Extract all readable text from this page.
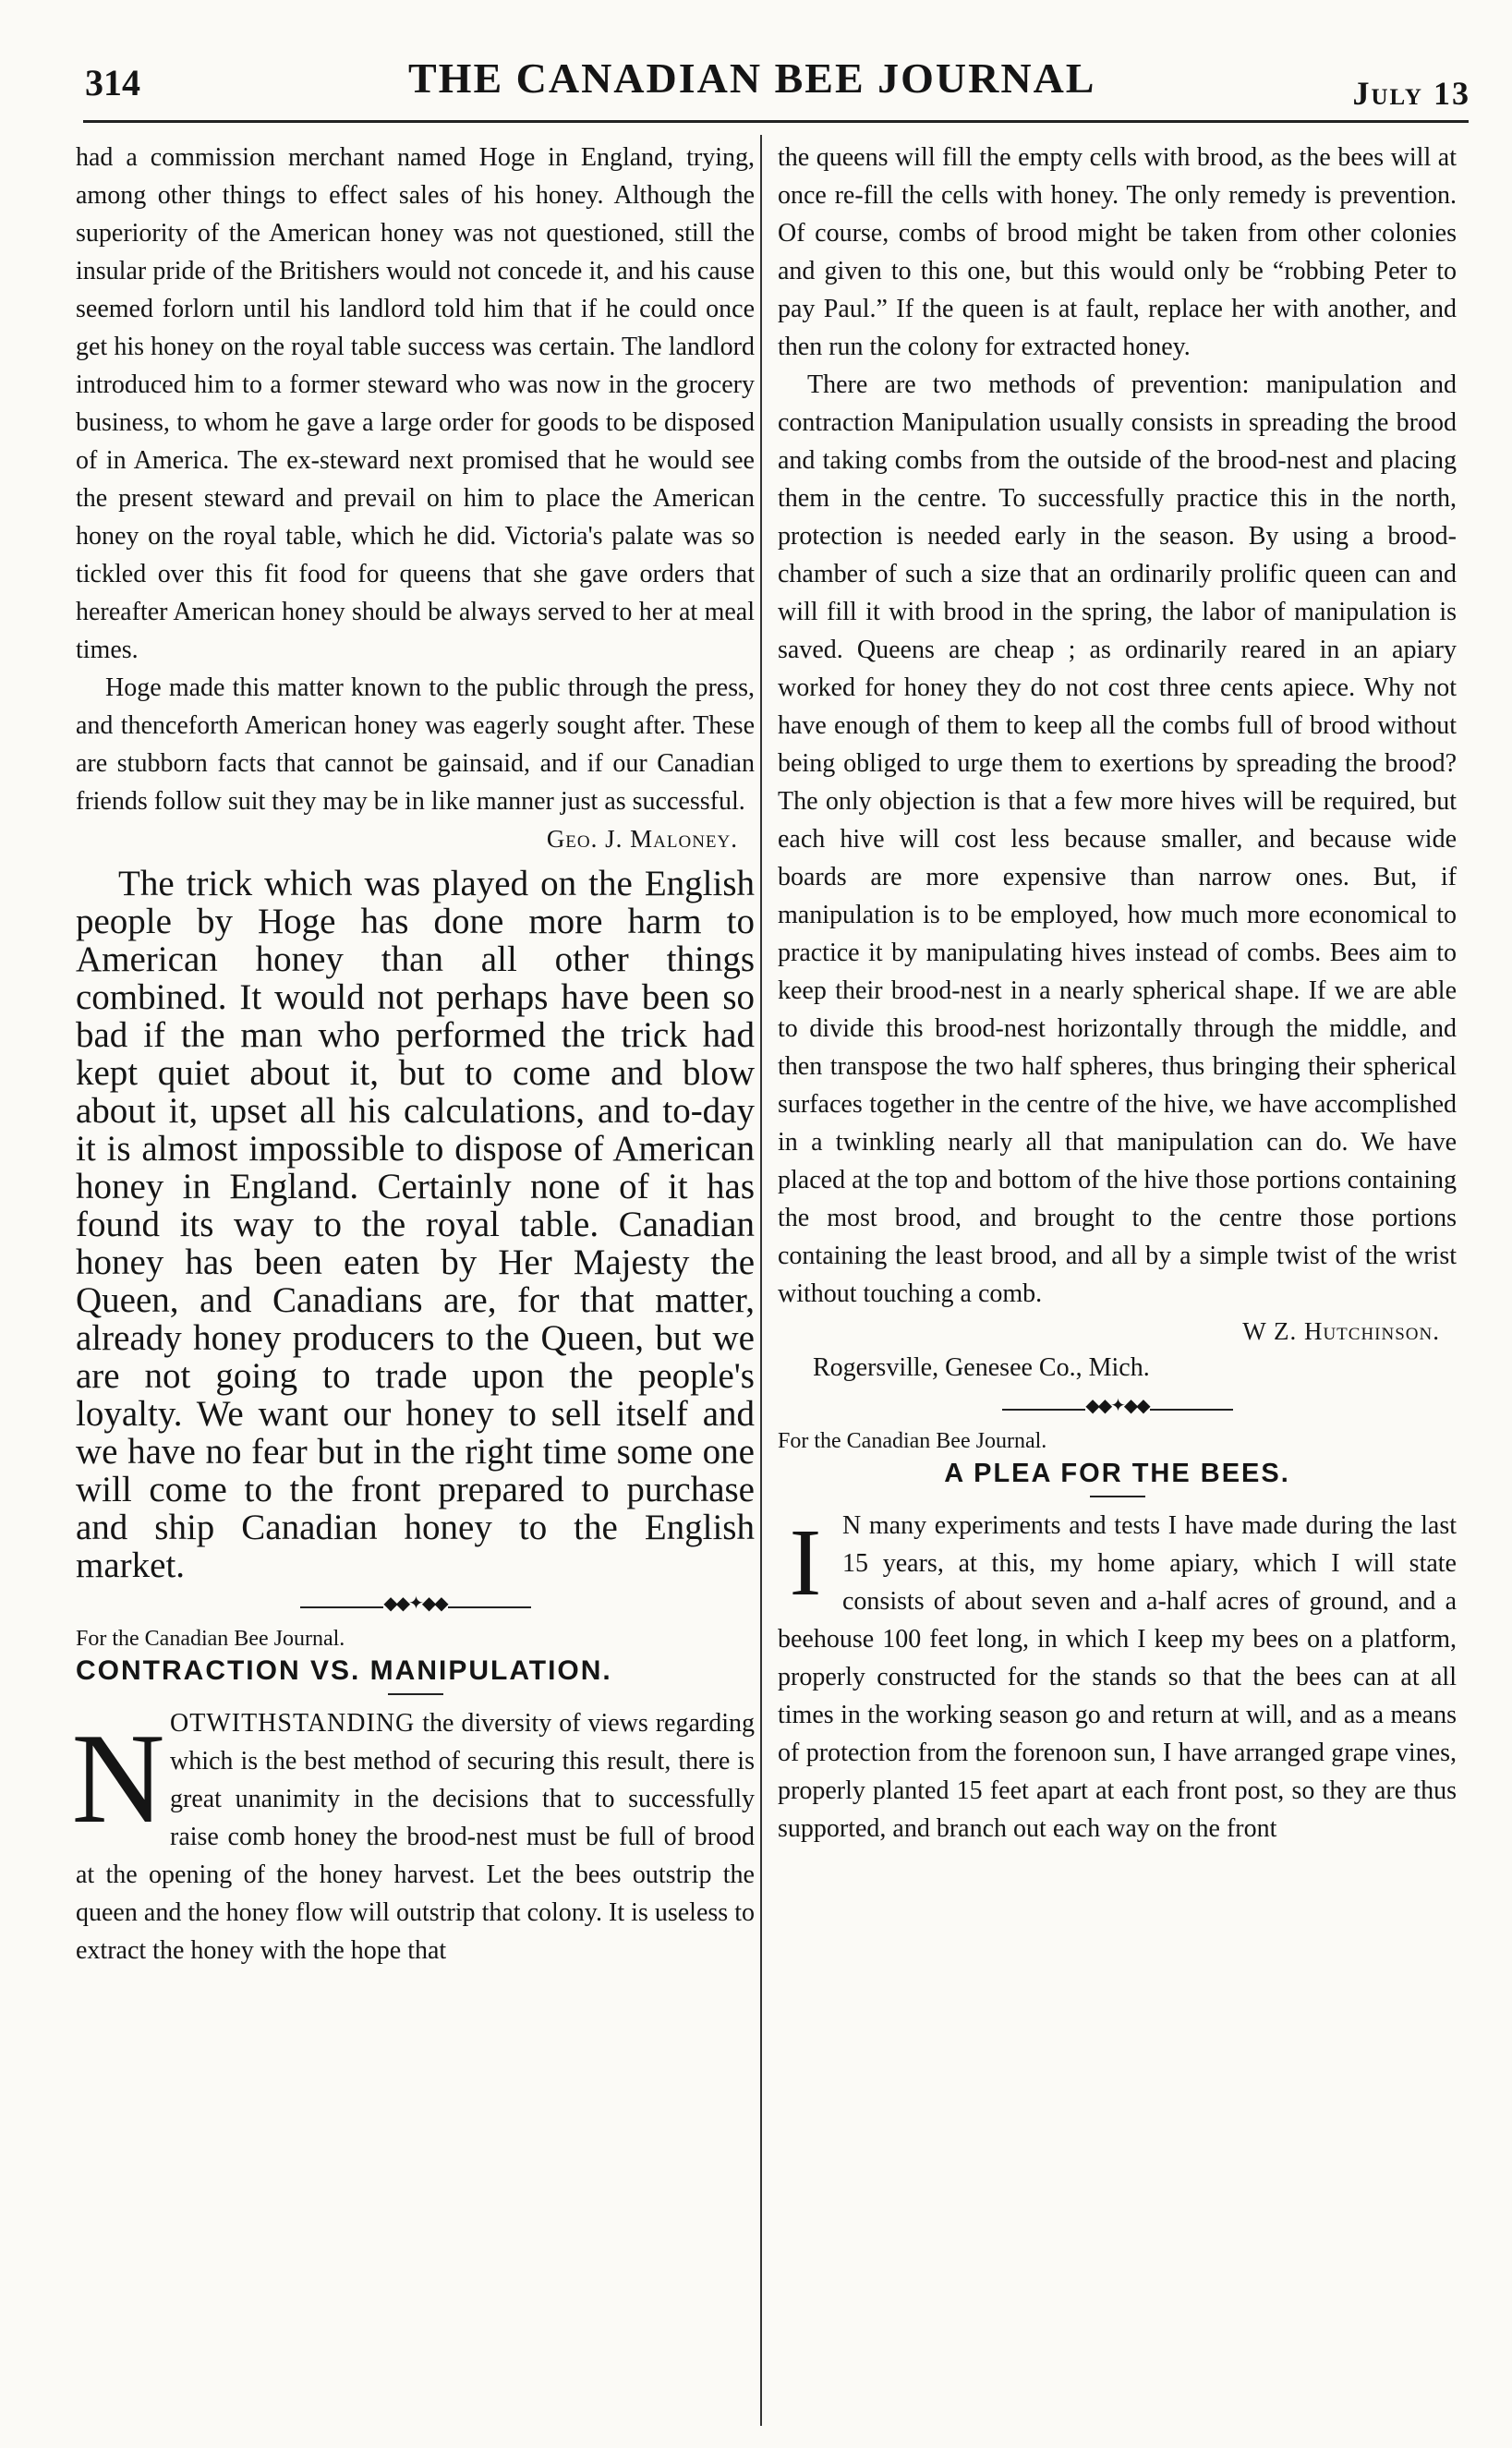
314	THE CANADIAN BEE JOURNAL	July 13

had a commission merchant named Hoge in England, trying, among other things to effect sales of his honey. Although the superiority of the American honey was not questioned, still the insular pride of the Britishers would not concede it, and his cause seemed forlorn until his landlord told him that if he could once get his honey on the royal table success was certain. The landlord introduced him to a former steward who was now in the grocery business, to whom he gave a large order for goods to be disposed of in America. The ex-steward next promised that he would see the present steward and prevail on him to place the American honey on the royal table, which he did. Victoria's palate was so tickled over this fit food for queens that she gave orders that hereafter American honey should be always served to her at meal times.

Hoge made this matter known to the public through the press, and thenceforth American honey was eagerly sought after. These are stubborn facts that cannot be gainsaid, and if our Canadian friends follow suit they may be in like manner just as successful.

Geo. J. Maloney.

The trick which was played on the English people by Hoge has done more harm to American honey than all other things combined. It would not perhaps have been so bad if the man who performed the trick had kept quiet about it, but to come and blow about it, upset all his calculations, and to-day it is almost impossible to dispose of American honey in England. Certainly none of it has found its way to the royal table. Canadian honey has been eaten by Her Majesty the Queen, and Canadians are, for that matter, already honey producers to the Queen, but we are not going to trade upon the people's loyalty. We want our honey to sell itself and we have no fear but in the right time some one will come to the front prepared to purchase and ship Canadian honey to the English market.

◆◆✦◆◆
For the Canadian Bee Journal.
CONTRACTION VS. MANIPULATION.
N OTWITHSTANDING the diversity of views regarding which is the best method of securing this result, there is great unanimity in the decisions that to successfully raise comb honey the brood-nest must be full of brood at the opening of the honey harvest. Let the bees outstrip the queen and the honey flow will outstrip that colony. It is useless to extract the honey with the hope that

the queens will fill the empty cells with brood, as the bees will at once re-fill the cells with honey. The only remedy is prevention. Of course, combs of brood might be taken from other colonies and given to this one, but this would only be “robbing Peter to pay Paul.” If the queen is at fault, replace her with another, and then run the colony for extracted honey.

There are two methods of prevention: manipulation and contraction Manipulation usually consists in spreading the brood and taking combs from the outside of the brood-nest and placing them in the centre. To successfully practice this in the north, protection is needed early in the season. By using a brood-chamber of such a size that an ordinarily prolific queen can and will fill it with brood in the spring, the labor of manipulation is saved. Queens are cheap ; as ordinarily reared in an apiary worked for honey they do not cost three cents apiece. Why not have enough of them to keep all the combs full of brood without being obliged to urge them to exertions by spreading the brood? The only objection is that a few more hives will be required, but each hive will cost less because smaller, and because wide boards are more expensive than narrow ones. But, if manipulation is to be employed, how much more economical to practice it by manipulating hives instead of combs. Bees aim to keep their brood-nest in a nearly spherical shape. If we are able to divide this brood-nest horizontally through the middle, and then transpose the two half spheres, thus bringing their spherical surfaces together in the centre of the hive, we have accomplished in a twinkling nearly all that manipulation can do. We have placed at the top and bottom of the hive those portions containing the most brood, and brought to the centre those portions containing the least brood, and all by a simple twist of the wrist without touching a comb.

W Z. Hutchinson.
Rogersville, Genesee Co., Mich.
◆◆✦◆◆
For the Canadian Bee Journal.
A PLEA FOR THE BEES.
I N many experiments and tests I have made during the last 15 years, at this, my home apiary, which I will state consists of about seven and a-half acres of ground, and a beehouse 100 feet long, in which I keep my bees on a platform, properly constructed for the stands so that the bees can at all times in the working season go and return at will, and as a means of protection from the forenoon sun, I have arranged grape vines, properly planted 15 feet apart at each front post, so they are thus supported, and branch out each way on the front
